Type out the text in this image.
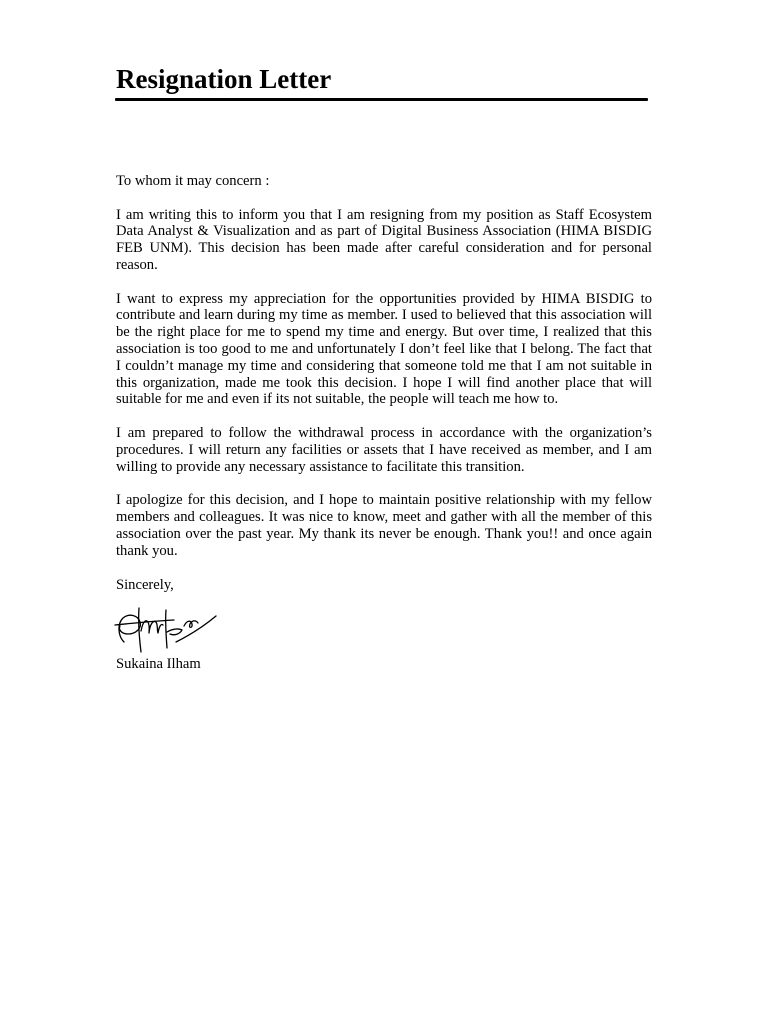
Resignation Letter

To whom it may concern :

I am writing this to inform you that I am resigning from my position as Staff Ecosystem Data Analyst & Visualization and as part of Digital Business Association (HIMA BISDIG FEB UNM). This decision has been made after careful consideration and for personal reason.

I want to express my appreciation for the opportunities provided by HIMA BISDIG to contribute and learn during my time as member. I used to believed that this association will be the right place for me to spend my time and energy. But over time, I realized that this association is too good to me and unfortunately I don’t feel like that I belong. The fact that I couldn’t manage my time and considering that someone told me that I am not suitable in this organization, made me took this decision. I hope I will find another place that will suitable for me and even if its not suitable, the people will teach me how to.

I am prepared to follow the withdrawal process in accordance with the organization’s procedures. I will return any facilities or assets that I have received as member, and I am willing to provide any necessary assistance to facilitate this transition.

I apologize for this decision, and I hope to maintain positive relationship with my fellow members and colleagues. It was nice to know, meet and gather with all the member of this association over the past year. My thank its never be enough. Thank you!! and once again thank you.

Sincerely,

Sukaina Ilham
